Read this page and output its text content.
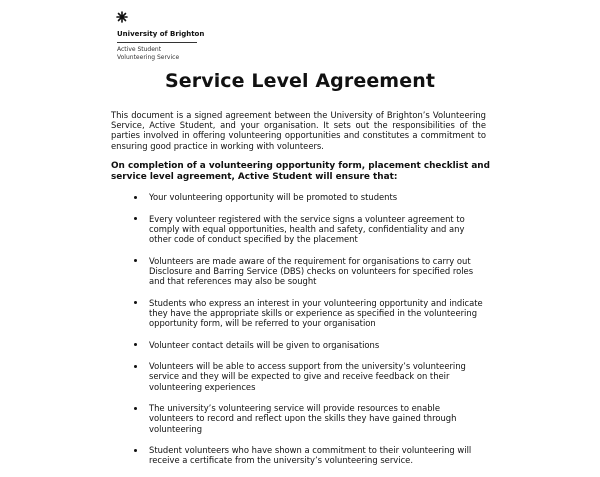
University of Brighton
Active Student
Volunteering Service
Service Level Agreement
This document is a signed agreement between the University of Brighton’s Volunteering Service, Active Student, and your organisation. It sets out the responsibilities of the parties involved in offering volunteering opportunities and constitutes a commitment to ensuring good practice in working with volunteers.
On completion of a volunteering opportunity form, placement checklist and service level agreement, Active Student will ensure that:
Your volunteering opportunity will be promoted to students
Every volunteer registered with the service signs a volunteer agreement to comply with equal opportunities, health and safety, confidentiality and any other code of conduct specified by the placement
Volunteers are made aware of the requirement for organisations to carry out Disclosure and Barring Service (DBS) checks on volunteers for specified roles and that references may also be sought
Students who express an interest in your volunteering opportunity and indicate they have the appropriate skills or experience as specified in the volunteering opportunity form, will be referred to your organisation
Volunteer contact details will be given to organisations
Volunteers will be able to access support from the university’s volunteering service and they will be expected to give and receive feedback on their volunteering experiences
The university’s volunteering service will provide resources to enable volunteers to record and reflect upon the skills they have gained through volunteering
Student volunteers who have shown a commitment to their volunteering will receive a certificate from the university’s volunteering service.
